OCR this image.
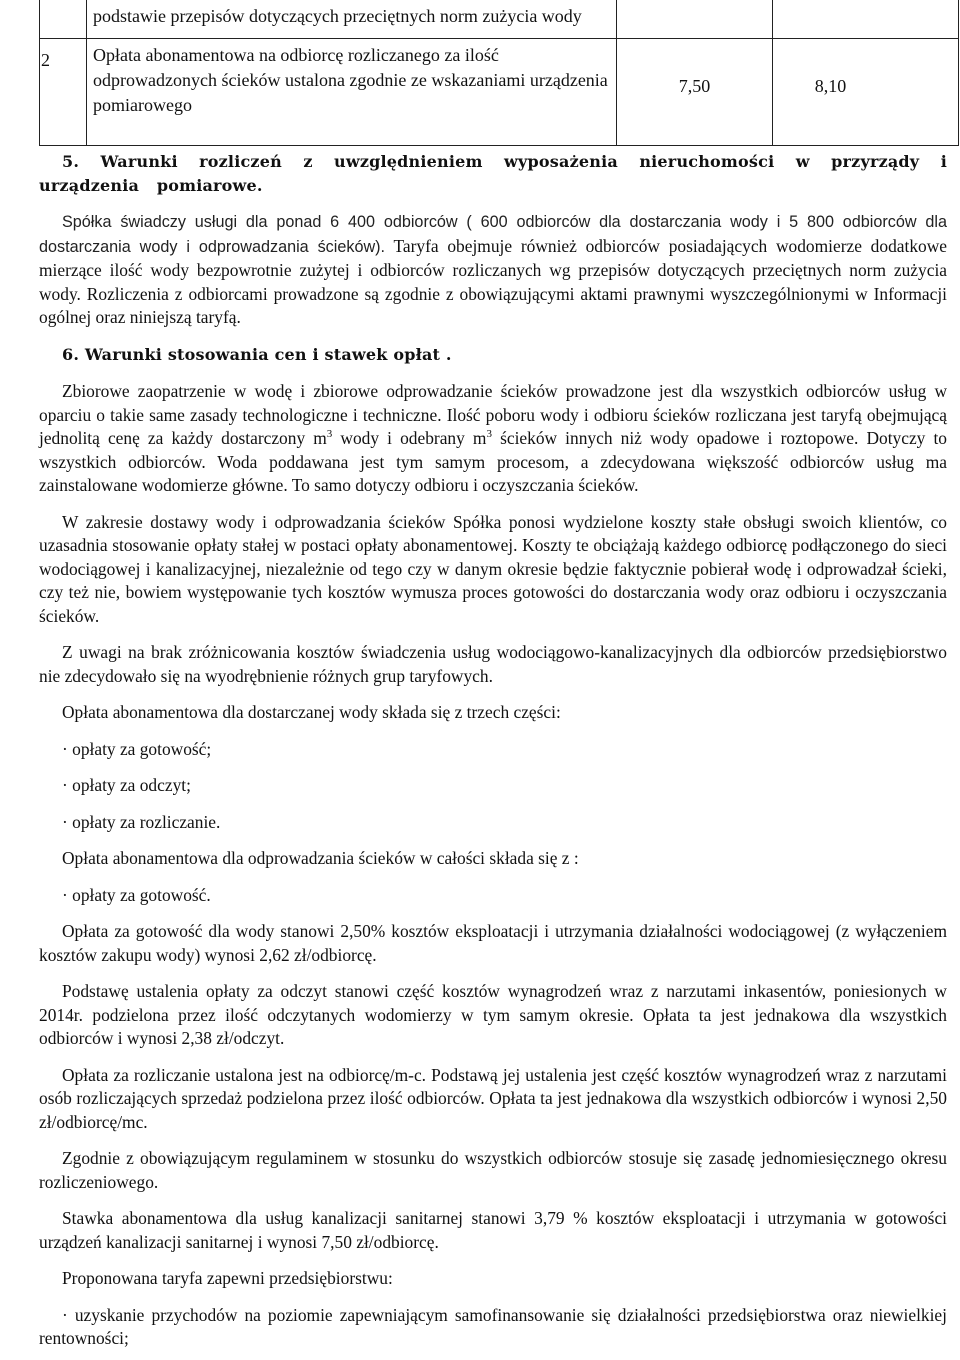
	podstawie przepisów dotyczących przeciętnych norm zużycia wody		

2	Opłata abonamentowa na odbiorcę rozliczanego za ilość odprowadzonych ścieków ustalona zgodnie ze wskazaniami urządzenia pomiarowego	7,50	8,10

5. Warunki rozliczeń z uwzględnieniem wyposażenia nieruchomości w przyrządy i urządzenia pomiarowe.

Spółka świadczy usługi dla ponad 6 400 odbiorców ( 600 odbiorców dla dostarczania wody i 5 800 odbiorców dla dostarczania wody i odprowadzania ścieków). Taryfa obejmuje również odbiorców posiadających wodomierze dodatkowe mierzące ilość wody bezpowrotnie zużytej i odbiorców rozliczanych wg przepisów dotyczących przeciętnych norm zużycia wody. Rozliczenia z odbiorcami prowadzone są zgodnie z obowiązującymi aktami prawnymi wyszczególnionymi w Informacji ogólnej oraz niniejszą taryfą.

6. Warunki stosowania cen i stawek opłat .

Zbiorowe zaopatrzenie w wodę i zbiorowe odprowadzanie ścieków prowadzone jest dla wszystkich odbiorców usług w oparciu o takie same zasady technologiczne i techniczne. Ilość poboru wody i odbioru ścieków rozliczana jest taryfą obejmującą jednolitą cenę za każdy dostarczony $m^3$ wody i odebrany $m^3$ ścieków innych niż wody opadowe i roztopowe. Dotyczy to wszystkich odbiorców. Woda poddawana jest tym samym procesom, a zdecydowana większość odbiorców usług ma zainstalowane wodomierze główne. To samo dotyczy odbioru i oczyszczania ścieków.

W zakresie dostawy wody i odprowadzania ścieków Spółka ponosi wydzielone koszty stałe obsługi swoich klientów, co uzasadnia stosowanie opłaty stałej w postaci opłaty abonamentowej. Koszty te obciążają każdego odbiorcę podłączonego do sieci wodociągowej i kanalizacyjnej, niezależnie od tego czy w danym okresie będzie faktycznie pobierał wodę i odprowadzał ścieki, czy też nie, bowiem występowanie tych kosztów wymusza proces gotowości do dostarczania wody oraz odbioru i oczyszczania ścieków.

Z uwagi na brak zróżnicowania kosztów świadczenia usług wodociągowo-kanalizacyjnych dla odbiorców przedsiębiorstwo nie zdecydowało się na wyodrębnienie różnych grup taryfowych.

Opłata abonamentowa dla dostarczanej wody składa się z trzech części:

· opłaty za gotowość;

· opłaty za odczyt;

· opłaty za rozliczanie.

Opłata abonamentowa dla odprowadzania ścieków w całości składa się z :

· opłaty za gotowość.

Opłata za gotowość dla wody stanowi 2,50% kosztów eksploatacji i utrzymania działalności wodociągowej (z wyłączeniem kosztów zakupu wody) wynosi 2,62 zł/odbiorcę.

Podstawę ustalenia opłaty za odczyt stanowi część kosztów wynagrodzeń wraz z narzutami inkasentów, poniesionych w 2014r. podzielona przez ilość odczytanych wodomierzy w tym samym okresie. Opłata ta jest jednakowa dla wszystkich odbiorców i wynosi 2,38 zł/odczyt.

Opłata za rozliczanie ustalona jest na odbiorcę/m-c. Podstawą jej ustalenia jest część kosztów wynagrodzeń wraz z narzutami osób rozliczających sprzedaż podzielona przez ilość odbiorców. Opłata ta jest jednakowa dla wszystkich odbiorców i wynosi 2,50 zł/odbiorcę/mc.

Zgodnie z obowiązującym regulaminem w stosunku do wszystkich odbiorców stosuje się zasadę jednomiesięcznego okresu rozliczeniowego.

Stawka abonamentowa dla usług kanalizacji sanitarnej stanowi 3,79 % kosztów eksploatacji i utrzymania w gotowości urządzeń kanalizacji sanitarnej i wynosi 7,50 zł/odbiorcę.

Proponowana taryfa zapewni przedsiębiorstwu:

· uzyskanie przychodów na poziomie zapewniającym samofinansowanie się działalności przedsiębiorstwa oraz niewielkiej rentowności;
